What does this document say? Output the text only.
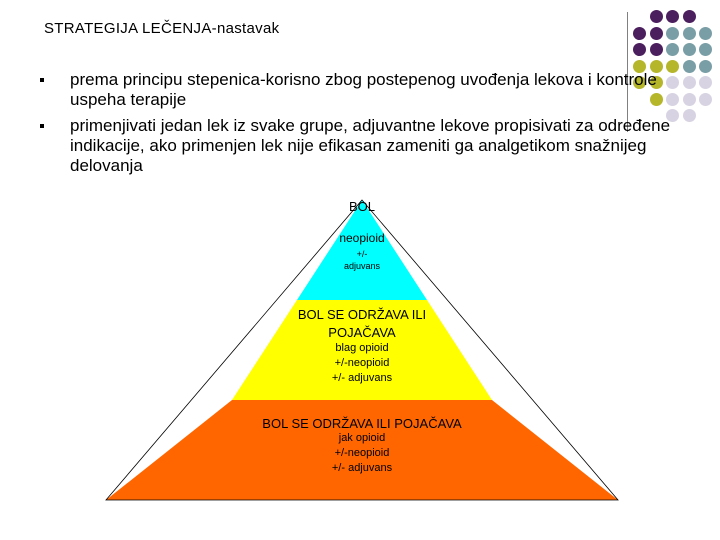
STRATEGIJA LEČENJA-nastavak
prema principu stepenica-korisno zbog postepenog uvođenja lekova i kontrole uspeha terapije
primenjivati jedan lek iz svake grupe, adjuvantne lekove propisivati za određene indikacije, ako primenjen lek nije efikasan zameniti ga analgetikom snažnijeg delovanja
BOL
neopioid
+/-
adjuvans
BOL SE ODRŽAVA ILI POJAČAVA
blag opioid
+/-neopioid
+/- adjuvans
BOL SE ODRŽAVA ILI POJAČAVA
jak opioid
+/-neopioid
+/- adjuvans
